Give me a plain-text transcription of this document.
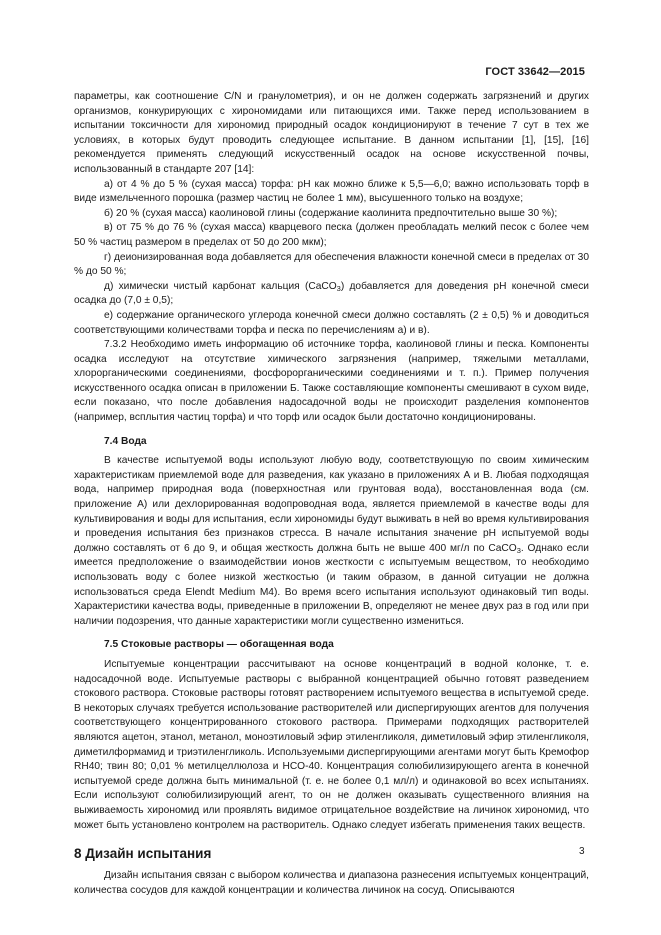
ГОСТ 33642—2015

параметры, как соотношение C/N и гранулометрия), и он не должен содержать загрязнений и других организмов, конкурирующих с хирономидами или питающихся ими. Также перед использованием в испытании токсичности для хирономид природный осадок кондиционируют в течение 7 сут в тех же условиях, в которых будут проводить следующее испытание. В данном испытании [1], [15], [16] рекомендуется применять следующий искусственный осадок на основе искусственной почвы, использованный в стандарте 207 [14]:

а) от 4 % до 5 % (сухая масса) торфа: pH как можно ближе к 5,5—6,0; важно использовать торф в виде измельченного порошка (размер частиц не более 1 мм), высушенного только на воздухе;

б) 20 % (сухая масса) каолиновой глины (содержание каолинита предпочтительно выше 30 %);

в) от 75 % до 76 % (сухая масса) кварцевого песка (должен преобладать мелкий песок с более чем 50 % частиц размером в пределах от 50 до 200 мкм);

г) деионизированная вода добавляется для обеспечения влажности конечной смеси в пределах от 30 % до 50 %;

д) химически чистый карбонат кальция (CaCO$_3$) добавляется для доведения pH конечной смеси осадка до (7,0 ± 0,5);

е) содержание органического углерода конечной смеси должно составлять (2 ± 0,5) % и доводиться соответствующими количествами торфа и песка по перечислениям а) и в).

7.3.2 Необходимо иметь информацию об источнике торфа, каолиновой глины и песка. Компоненты осадка исследуют на отсутствие химического загрязнения (например, тяжелыми металлами, хлорорганическими соединениями, фосфорорганическими соединениями и т. п.). Пример получения искусственного осадка описан в приложении Б. Также составляющие компоненты смешивают в сухом виде, если показано, что после добавления надосадочной воды не происходит разделения компонентов (например, всплытия частиц торфа) и что торф или осадок были достаточно кондиционированы.

7.4 Вода

В качестве испытуемой воды используют любую воду, соответствующую по своим химическим характеристикам приемлемой воде для разведения, как указано в приложениях А и В. Любая подходящая вода, например природная вода (поверхностная или грунтовая вода), восстановленная вода (см. приложение А) или дехлорированная водопроводная вода, является приемлемой в качестве воды для культивирования и воды для испытания, если хирономиды будут выживать в ней во время культивирования и проведения испытания без признаков стресса. В начале испытания значение pH испытуемой воды должно составлять от 6 до 9, и общая жесткость должна быть не выше 400 мг/л по CaCO$_3$. Однако если имеется предположение о взаимодействии ионов жесткости с испытуемым веществом, то необходимо использовать воду с более низкой жесткостью (и таким образом, в данной ситуации не должна использоваться среда Elendt Medium M4). Во время всего испытания используют одинаковый тип воды. Характеристики качества воды, приведенные в приложении В, определяют не менее двух раз в год или при наличии подозрения, что данные характеристики могли существенно измениться.

7.5 Стоковые растворы — обогащенная вода

Испытуемые концентрации рассчитывают на основе концентраций в водной колонке, т. е. надосадочной воде. Испытуемые растворы с выбранной концентрацией обычно готовят разведением стокового раствора. Стоковые растворы готовят растворением испытуемого вещества в испытуемой среде. В некоторых случаях требуется использование растворителей или диспергирующих агентов для получения соответствующего концентрированного стокового раствора. Примерами подходящих растворителей являются ацетон, этанол, метанол, моноэтиловый эфир этиленгликоля, диметиловый эфир этиленгликоля, диметилформамид и триэтиленгликоль. Используемыми диспергирующими агентами могут быть Кремофор RH40; твин 80; 0,01 % метилцеллюлоза и HCO-40. Концентрация солюбилизирующего агента в конечной испытуемой среде должна быть минимальной (т. е. не более 0,1 мл/л) и одинаковой во всех испытаниях. Если используют солюбилизирующий агент, то он не должен оказывать существенного влияния на выживаемость хирономид или проявлять видимое отрицательное воздействие на личинок хирономид, что может быть установлено контролем на растворитель. Однако следует избегать применения таких веществ.

8 Дизайн испытания

Дизайн испытания связан с выбором количества и диапазона разнесения испытуемых концентраций, количества сосудов для каждой концентрации и количества личинок на сосуд. Описываются

3
